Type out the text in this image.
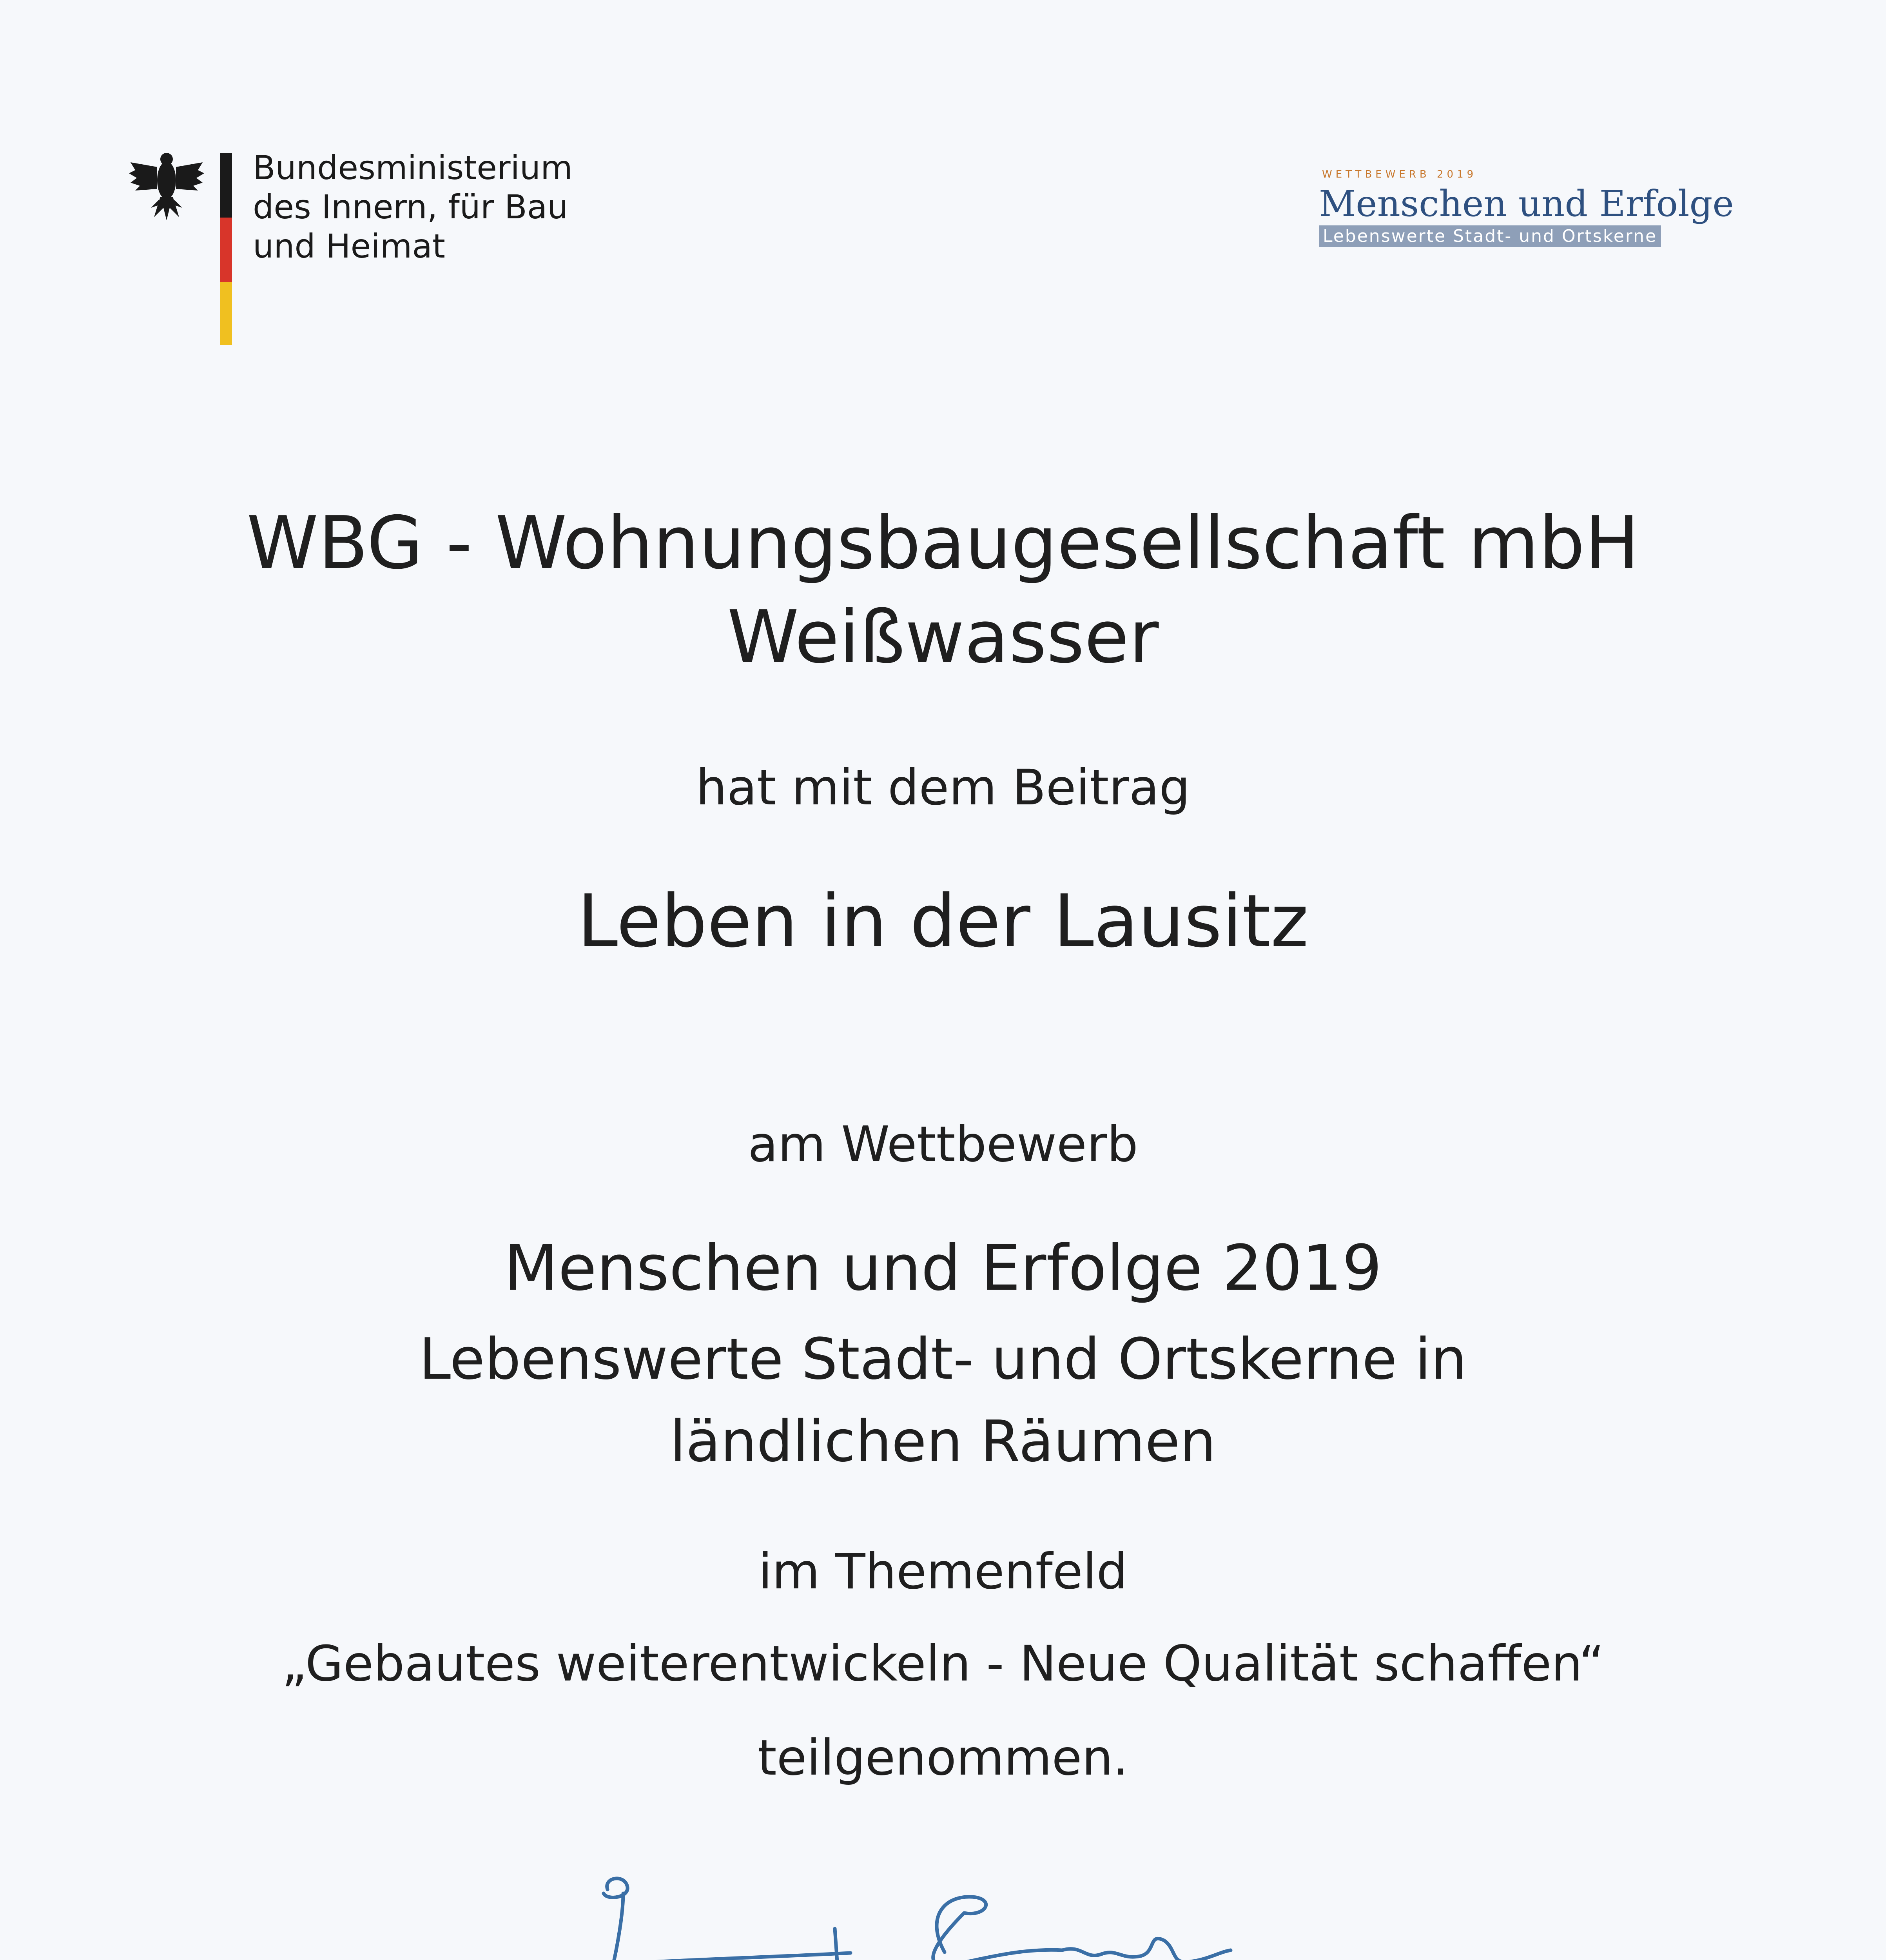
Bundesministerium
des Innern, für Bau
und Heimat
WETTBEWERB 2019
Menschen und Erfolge
Lebenswerte Stadt- und Ortskerne
WBG - Wohnungsbaugesellschaft mbH
Weißwasser
hat mit dem Beitrag
Leben in der Lausitz
am Wettbewerb
Menschen und Erfolge 2019
Lebenswerte Stadt- und Ortskerne in
ländlichen Räumen
im Themenfeld
„Gebautes weiterentwickeln - Neue Qualität schaffen“
teilgenommen.
